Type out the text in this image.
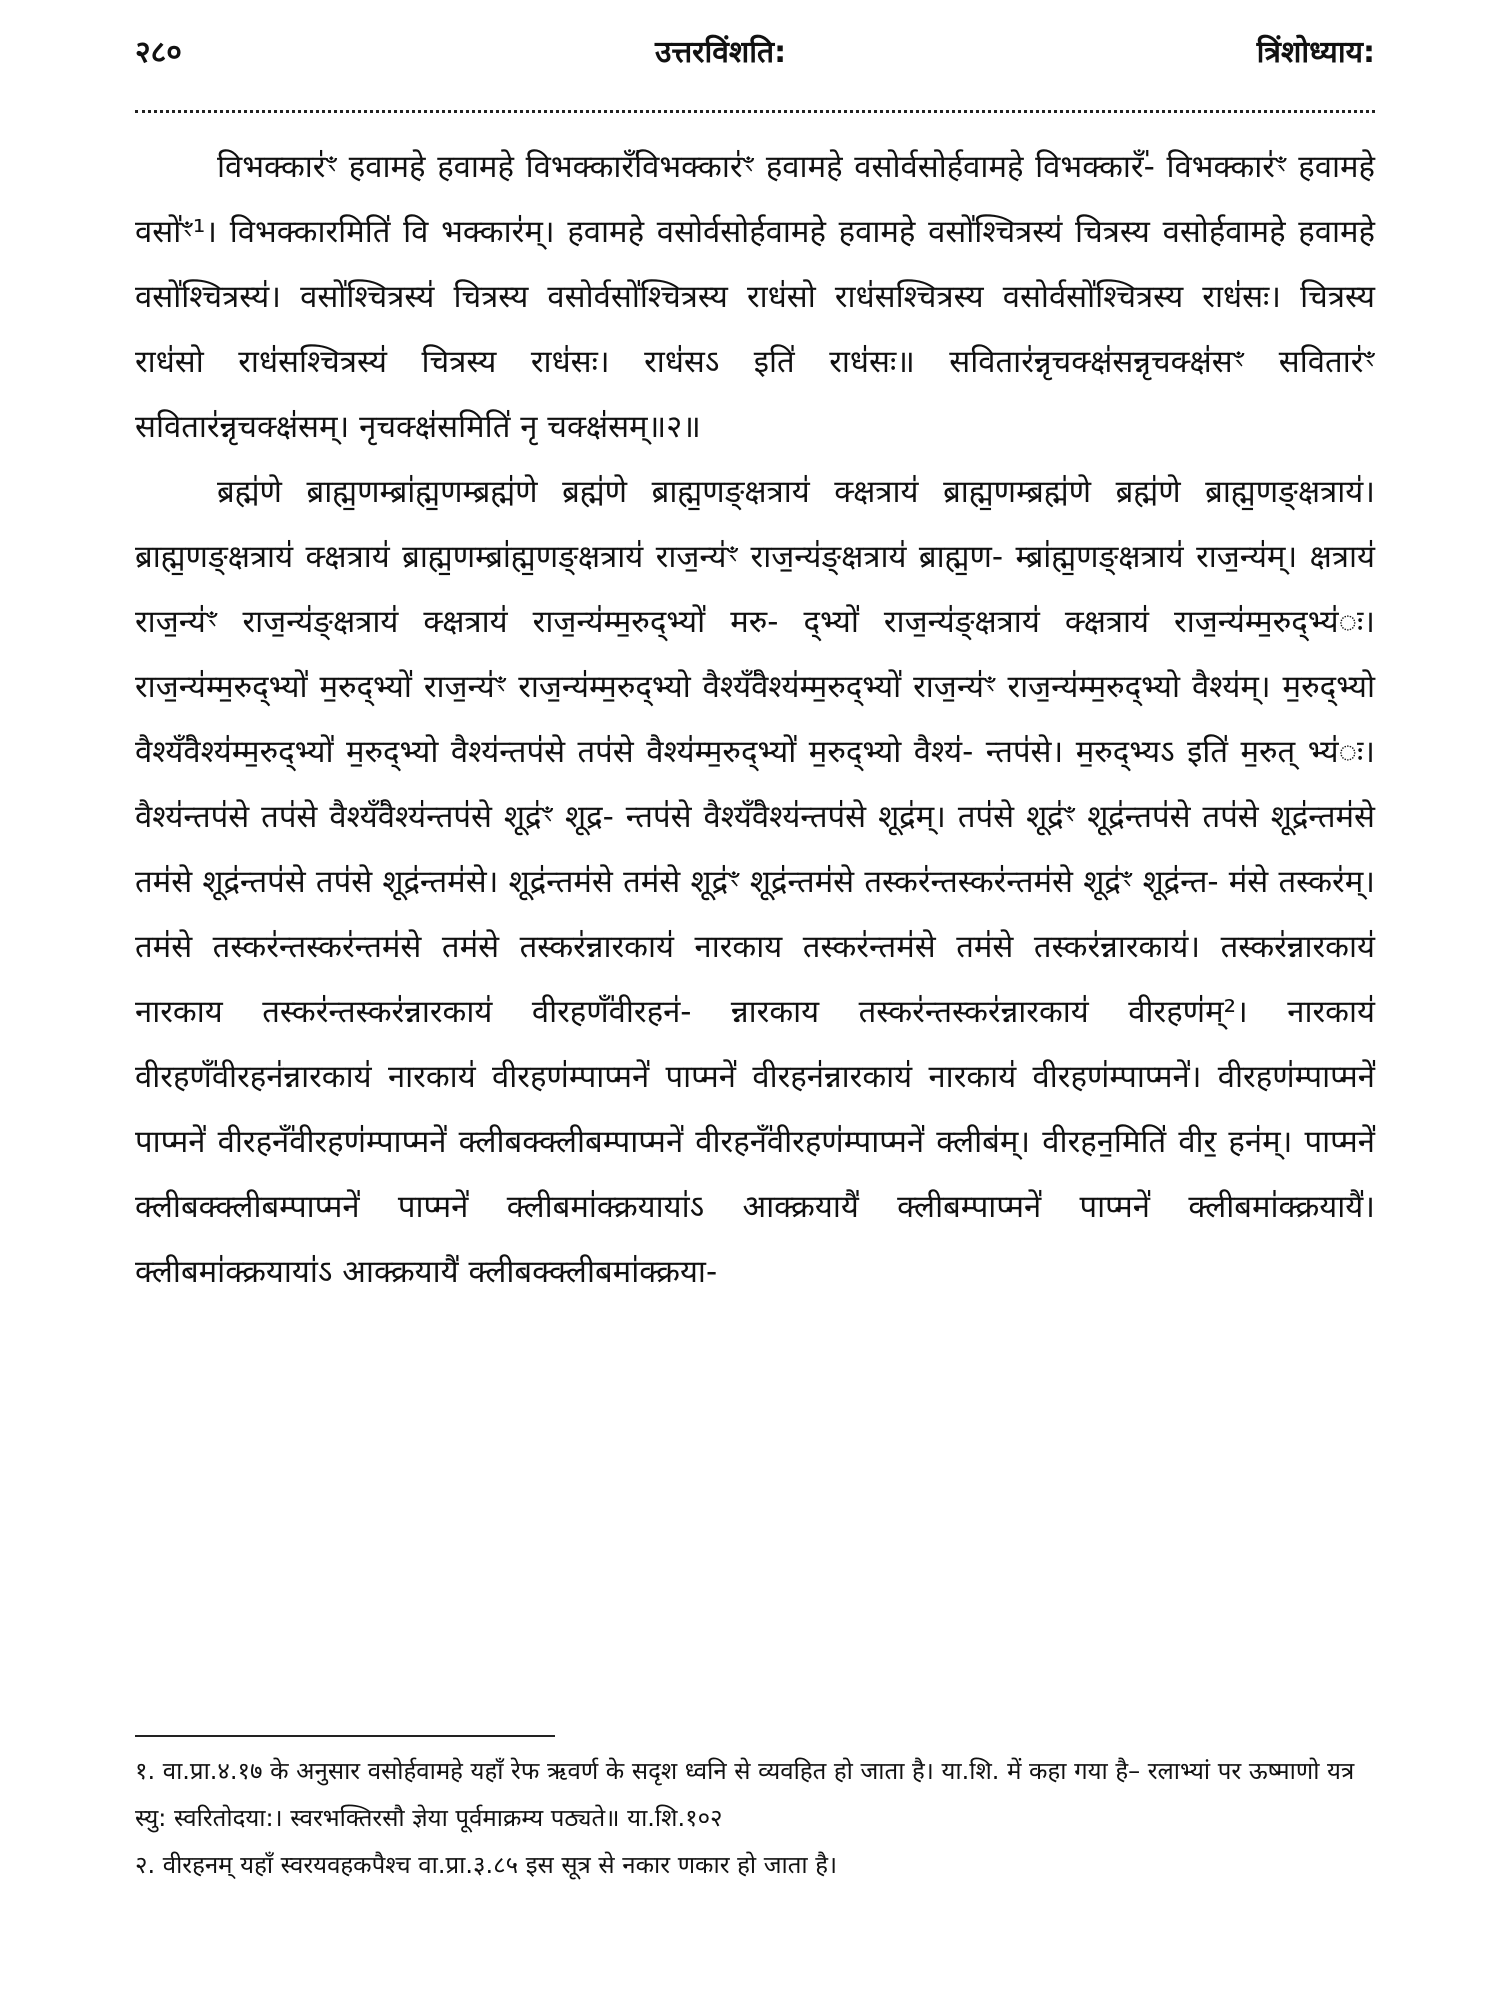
२८०	उत्तरविंशति:	त्रिंशोध्याय:

विभक्कार॑ꣳ हवामहे हवामहे विभक्कारँ॑विभक्कार॑ꣳ हवामहे वसोर्वसोर्हवामहे विभक्कारँ॑- विभक्कार॑ꣳ हवामहे वसो॑ꣳ¹। विभक्कारमिति॑ वि भक्कार॑म्। हवामहे वसोर्वसोर्हवामहे हवामहे वसो॑श्चित्रस्य॑ चित्रस्य वसोर्हवामहे हवामहे वसो॑श्चित्रस्य॑। वसो॑श्चित्रस्य॑ चित्रस्य वसोर्वसो॑श्चित्रस्य राध॑सो राध॑सश्चित्रस्य वसोर्वसो॑श्चित्रस्य राध॑सः। चित्रस्य राध॑सो राध॑सश्चित्रस्य॑ चित्रस्य राध॑सः। राध॑सऽ इति॑ राध॑सः॥ सवितार॑न्नृचक्क्ष॑सन्नृचक्क्ष॑सꣳ सवितार॑ꣳ सवितार॑न्नृचक्क्ष॑सम्। नृचक्क्ष॑समिति॑ नृ चक्क्ष॑सम्॥२॥

ब्रह्म॑णे ब्राह्म॒णम्ब्रा॑ह्म॒णम्ब्रह्म॑णे ब्रह्म॑णे ब्राह्म॒णङ्क्षत्राय॑ क्क्षत्राय॑ ब्राह्म॒णम्ब्रह्म॑णे ब्रह्म॑णे ब्राह्म॒णङ्क्षत्राय॑। ब्राह्म॒णङ्क्षत्राय॑ क्क्षत्राय॑ ब्राह्म॒णम्ब्रा॑ह्म॒णङ्क्षत्राय॑ राज॒न्य॑ꣳ राज॒न्य॑ङ्क्षत्राय॑ ब्राह्म॒ण- म्ब्रा॑ह्म॒णङ्क्षत्राय॑ राज॒न्य॑म्। क्षत्राय॑ राज॒न्य॑ꣳ राज॒न्य॑ङ्क्षत्राय॑ क्क्षत्राय॑ राज॒न्य॑म्म॒रुद्भ्यो॑ मरु- द्भ्यो॑ राज॒न्य॑ङ्क्षत्राय॑ क्क्षत्राय॑ राज॒न्य॑म्म॒रुद्भ्य॑ः। राज॒न्य॑म्म॒रुद्भ्यो॑ म॒रुद्भ्यो॑ राज॒न्य॑ꣳ राज॒न्य॑म्म॒रुद्भ्यो वैश्यँ॑वैश्य॑म्म॒रुद्भ्यो॑ राज॒न्य॑ꣳ राज॒न्य॑म्म॒रुद्भ्यो वैश्य॑म्। म॒रुद्भ्यो वैश्यँ॑वैश्य॑म्म॒रुद्भ्यो॑ म॒रुद्भ्यो वैश्य॑न्तप॑से तप॑से वैश्य॑म्म॒रुद्भ्यो॑ म॒रुद्भ्यो वैश्य॑- न्तप॑से। म॒रुद्भ्यऽ इति॑ म॒रुत् भ्य॑ः। वैश्य॑न्तप॑से तप॑से वैश्यँ॑वैश्य॑न्तप॑से शूद्र॑ꣳ शूद्र- न्तप॑से वैश्यँ॑वैश्य॑न्तप॑से शूद्र॑म्। तप॑से शूद्र॑ꣳ शूद्र॑न्तप॑से तप॑से शूद्र॑न्तम॑से तम॑से शूद्र॑न्तप॑से तप॑से शूद्र॑न्तम॑से। शूद्र॑न्तम॑से तम॑से शूद्र॑ꣳ शूद्र॑न्तम॑से तस्कर॑न्तस्कर॑न्तम॑से शूद्र॑ꣳ शूद्र॑न्त- म॑से तस्कर॑म्। तम॑से तस्कर॑न्तस्कर॑न्तम॑से तम॑से तस्कर॑न्नारकाय॑ नारकाय तस्कर॑न्तम॑से तम॑से तस्कर॑न्नारकाय॑। तस्कर॑न्नारकाय॑ नारकाय तस्कर॑न्तस्कर॑न्नारकाय॑ वीरहणँ॑वीरहन॑- न्नारकाय तस्कर॑न्तस्कर॑न्नारकाय॑ वीरहण॑म्²। नारकाय॑ वीरहणँ॑वीरहन॑न्नारकाय॑ नारकाय॑ वीरहण॑म्पाप्मने॑ पाप्मने॑ वीरहन॑न्नारकाय॑ नारकाय॑ वीरहण॑म्पाप्मने॑। वीरहण॑म्पाप्मने॑ पाप्मने॑ वीरहनँ॑वीरहण॑म्पाप्मने॑ क्लीबक्क्लीबम्पाप्मने॑ वीरहनँ॑वीरहण॑म्पाप्मने॑ क्लीब॑म्। वीरहन॒मिति॑ वीर॒ हन॑म्। पाप्मने॑ क्लीबक्क्लीबम्पाप्मने॑ पाप्मने॑ क्लीबमा॑क्क्रयाया॑ऽ आक्क्रयायै॑ क्लीबम्पाप्मने॑ पाप्मने॑ क्लीबमा॑क्क्रयायै॑। क्लीबमा॑क्क्रयाया॑ऽ आक्क्रयायै॑ क्लीबक्क्लीबमा॑क्क्रया-

१. वा.प्रा.४.१७ के अनुसार वसोर्हवामहे यहाँ रेफ ऋवर्ण के सदृश ध्वनि से व्यवहित हो जाता है। या.शि. में कहा गया है– रलाभ्यां पर ऊष्माणो यत्र स्यु: स्वरितोदया:। स्वरभक्तिरसौ ज्ञेया पूर्वमाक्रम्य पठ्यते॥ या.शि.१०२

२. वीरहनम् यहाँ स्वरयवहकपैश्च वा.प्रा.३.८५ इस सूत्र से नकार णकार हो जाता है।
